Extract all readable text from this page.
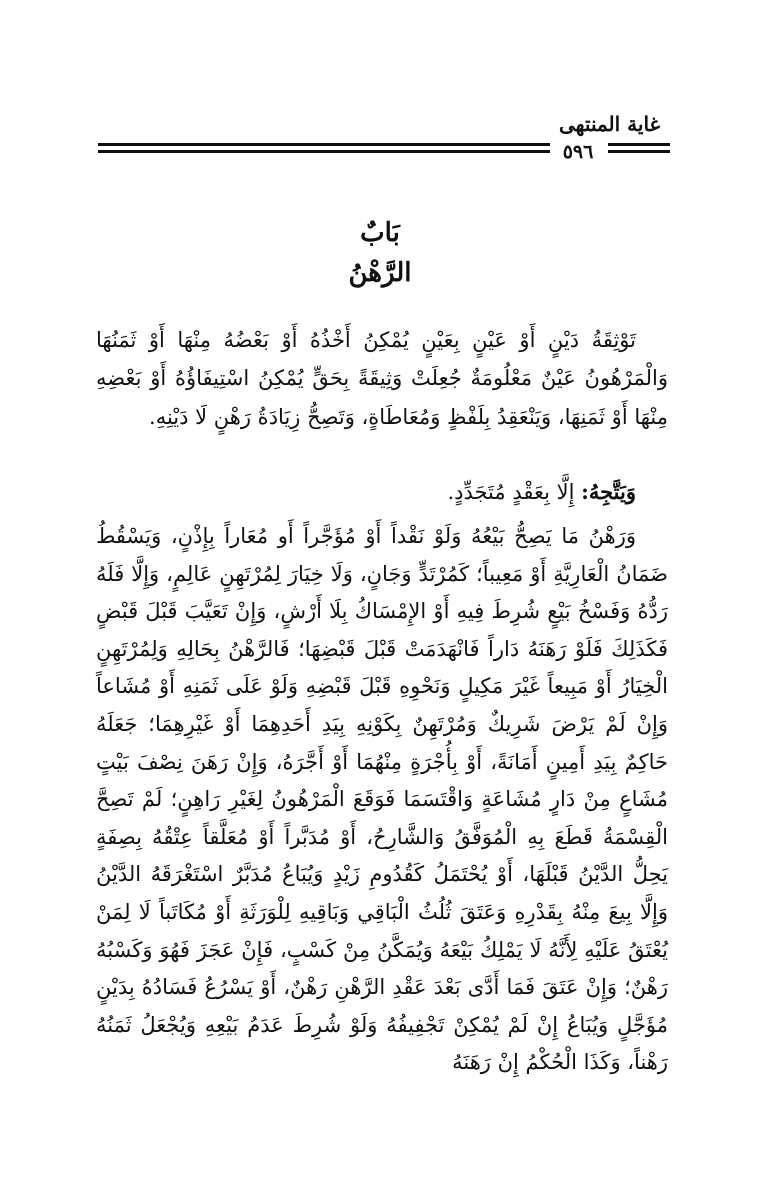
غاية المنتهى
٥٩٦
بَابٌ
الرَّهْنُ

تَوْثِقَةُ دَيْنٍ أَوْ عَيْنٍ بِعَيْنٍ يُمْكِنُ أَخْذُهُ أَوْ بَعْضُهُ مِنْهَا أَوْ ثَمَنُهَا وَالْمَرْهُونُ عَيْنٌ مَعْلُومَةٌ جُعِلَتْ وَثِيقَةً بِحَقٍّ يُمْكِنُ اسْتِيفَاؤُهُ أَوْ بَعْضِهِ مِنْهَا أَوْ ثَمَنِهَا، وَيَنْعَقِدُ بِلَفْظٍ وَمُعَاطَاةٍ، وَتَصِحُّ زِيَادَةُ رَهْنٍ لَا دَيْنِهِ.

وَيَتَّجِهُ: إِلَّا بِعَقْدٍ مُتَجَدِّدٍ.

وَرَهْنُ مَا يَصِحُّ بَيْعُهُ وَلَوْ نَقْداً أَوْ مُؤَجَّراً أَو مُعَاراً بِإِذْنٍ، وَيَسْقُطُ ضَمَانُ الْعَارِيَّةِ أَوْ مَعِيباً؛ كَمُرْتَدٍّ وَجَانٍ، وَلَا خِيَارَ لِمُرْتَهِنٍ عَالِمٍ، وَإِلَّا فَلَهُ رَدُّهُ وَفَسْخُ بَيْعٍ شُرِطَ فِيهِ أَوْ الإِمْسَاكُ بِلَا أَرْشٍ، وَإِنْ تَعَيَّبَ قَبْلَ قَبْضٍ فَكَذَلِكَ فَلَوْ رَهَنَهُ دَاراً فَانْهَدَمَتْ قَبْلَ قَبْضِهَا؛ فَالرَّهْنُ بِحَالِهِ وَلِمُرْتَهِنٍ الْخِيَارُ أَوْ مَبِيعاً غَيْرَ مَكِيلٍ وَنَحْوِهِ قَبْلَ قَبْضِهِ وَلَوْ عَلَى ثَمَنِهِ أَوْ مُشَاعاً وَإِنْ لَمْ يَرْضَ شَرِيكٌ وَمُرْتَهِنٌ بِكَوْنِهِ بِيَدِ أَحَدِهِمَا أَوْ غَيْرِهِمَا؛ جَعَلَهُ حَاكِمٌ بِيَدِ أَمِينٍ أَمَانَةً، أَوْ بِأُجْرَةٍ مِنْهُمَا أَوْ أَجَّرَهُ، وَإِنْ رَهَنَ نِصْفَ بَيْتٍ مُشَاعٍ مِنْ دَارٍ مُشَاعَةٍ وَاقْتَسَمَا فَوَقَعَ الْمَرْهُونُ لِغَيْرِ رَاهِنٍ؛ لَمْ تَصِحَّ الْقِسْمَةُ قَطَعَ بِهِ الْمُوَفَّقُ وَالشَّارِحُ، أَوْ مُدَبَّراً أَوْ مُعَلَّقاً عِتْقُهُ بِصِفَةٍ يَحِلُّ الدَّيْنُ قَبْلَهَا، أَوْ يُحْتَمَلُ كَقُدُومِ زَيْدٍ وَيُبَاعُ مُدَبَّرٌ اسْتَغْرَقَهُ الدَّيْنُ وَإِلَّا بِيعَ مِنْهُ بِقَدْرِهِ وَعَتَقَ ثُلُثُ الْبَاقِي وَبَاقِيهِ لِلْوَرَثَةِ أَوْ مُكَاتَباً لَا لِمَنْ يُعْتَقُ عَلَيْهِ لِأَنَّهُ لَا يَمْلِكُ بَيْعَهُ وَيُمَكَّنُ مِنْ كَسْبٍ، فَإِنْ عَجَزَ فَهُوَ وَكَسْبُهُ رَهْنٌ؛ وَإِنْ عَتَقَ فَمَا أَدَّى بَعْدَ عَقْدِ الرَّهْنِ رَهْنٌ، أَوْ يَسْرُعُ فَسَادُهُ بِدَيْنٍ مُؤَجَّلٍ وَيُبَاعُ إِنْ لَمْ يُمْكِنْ تَجْفِيفُهُ وَلَوْ شُرِطَ عَدَمُ بَيْعِهِ وَيُجْعَلُ ثَمَنُهُ رَهْناً، وَكَذَا الْحُكْمُ إِنْ رَهَنَهُ
